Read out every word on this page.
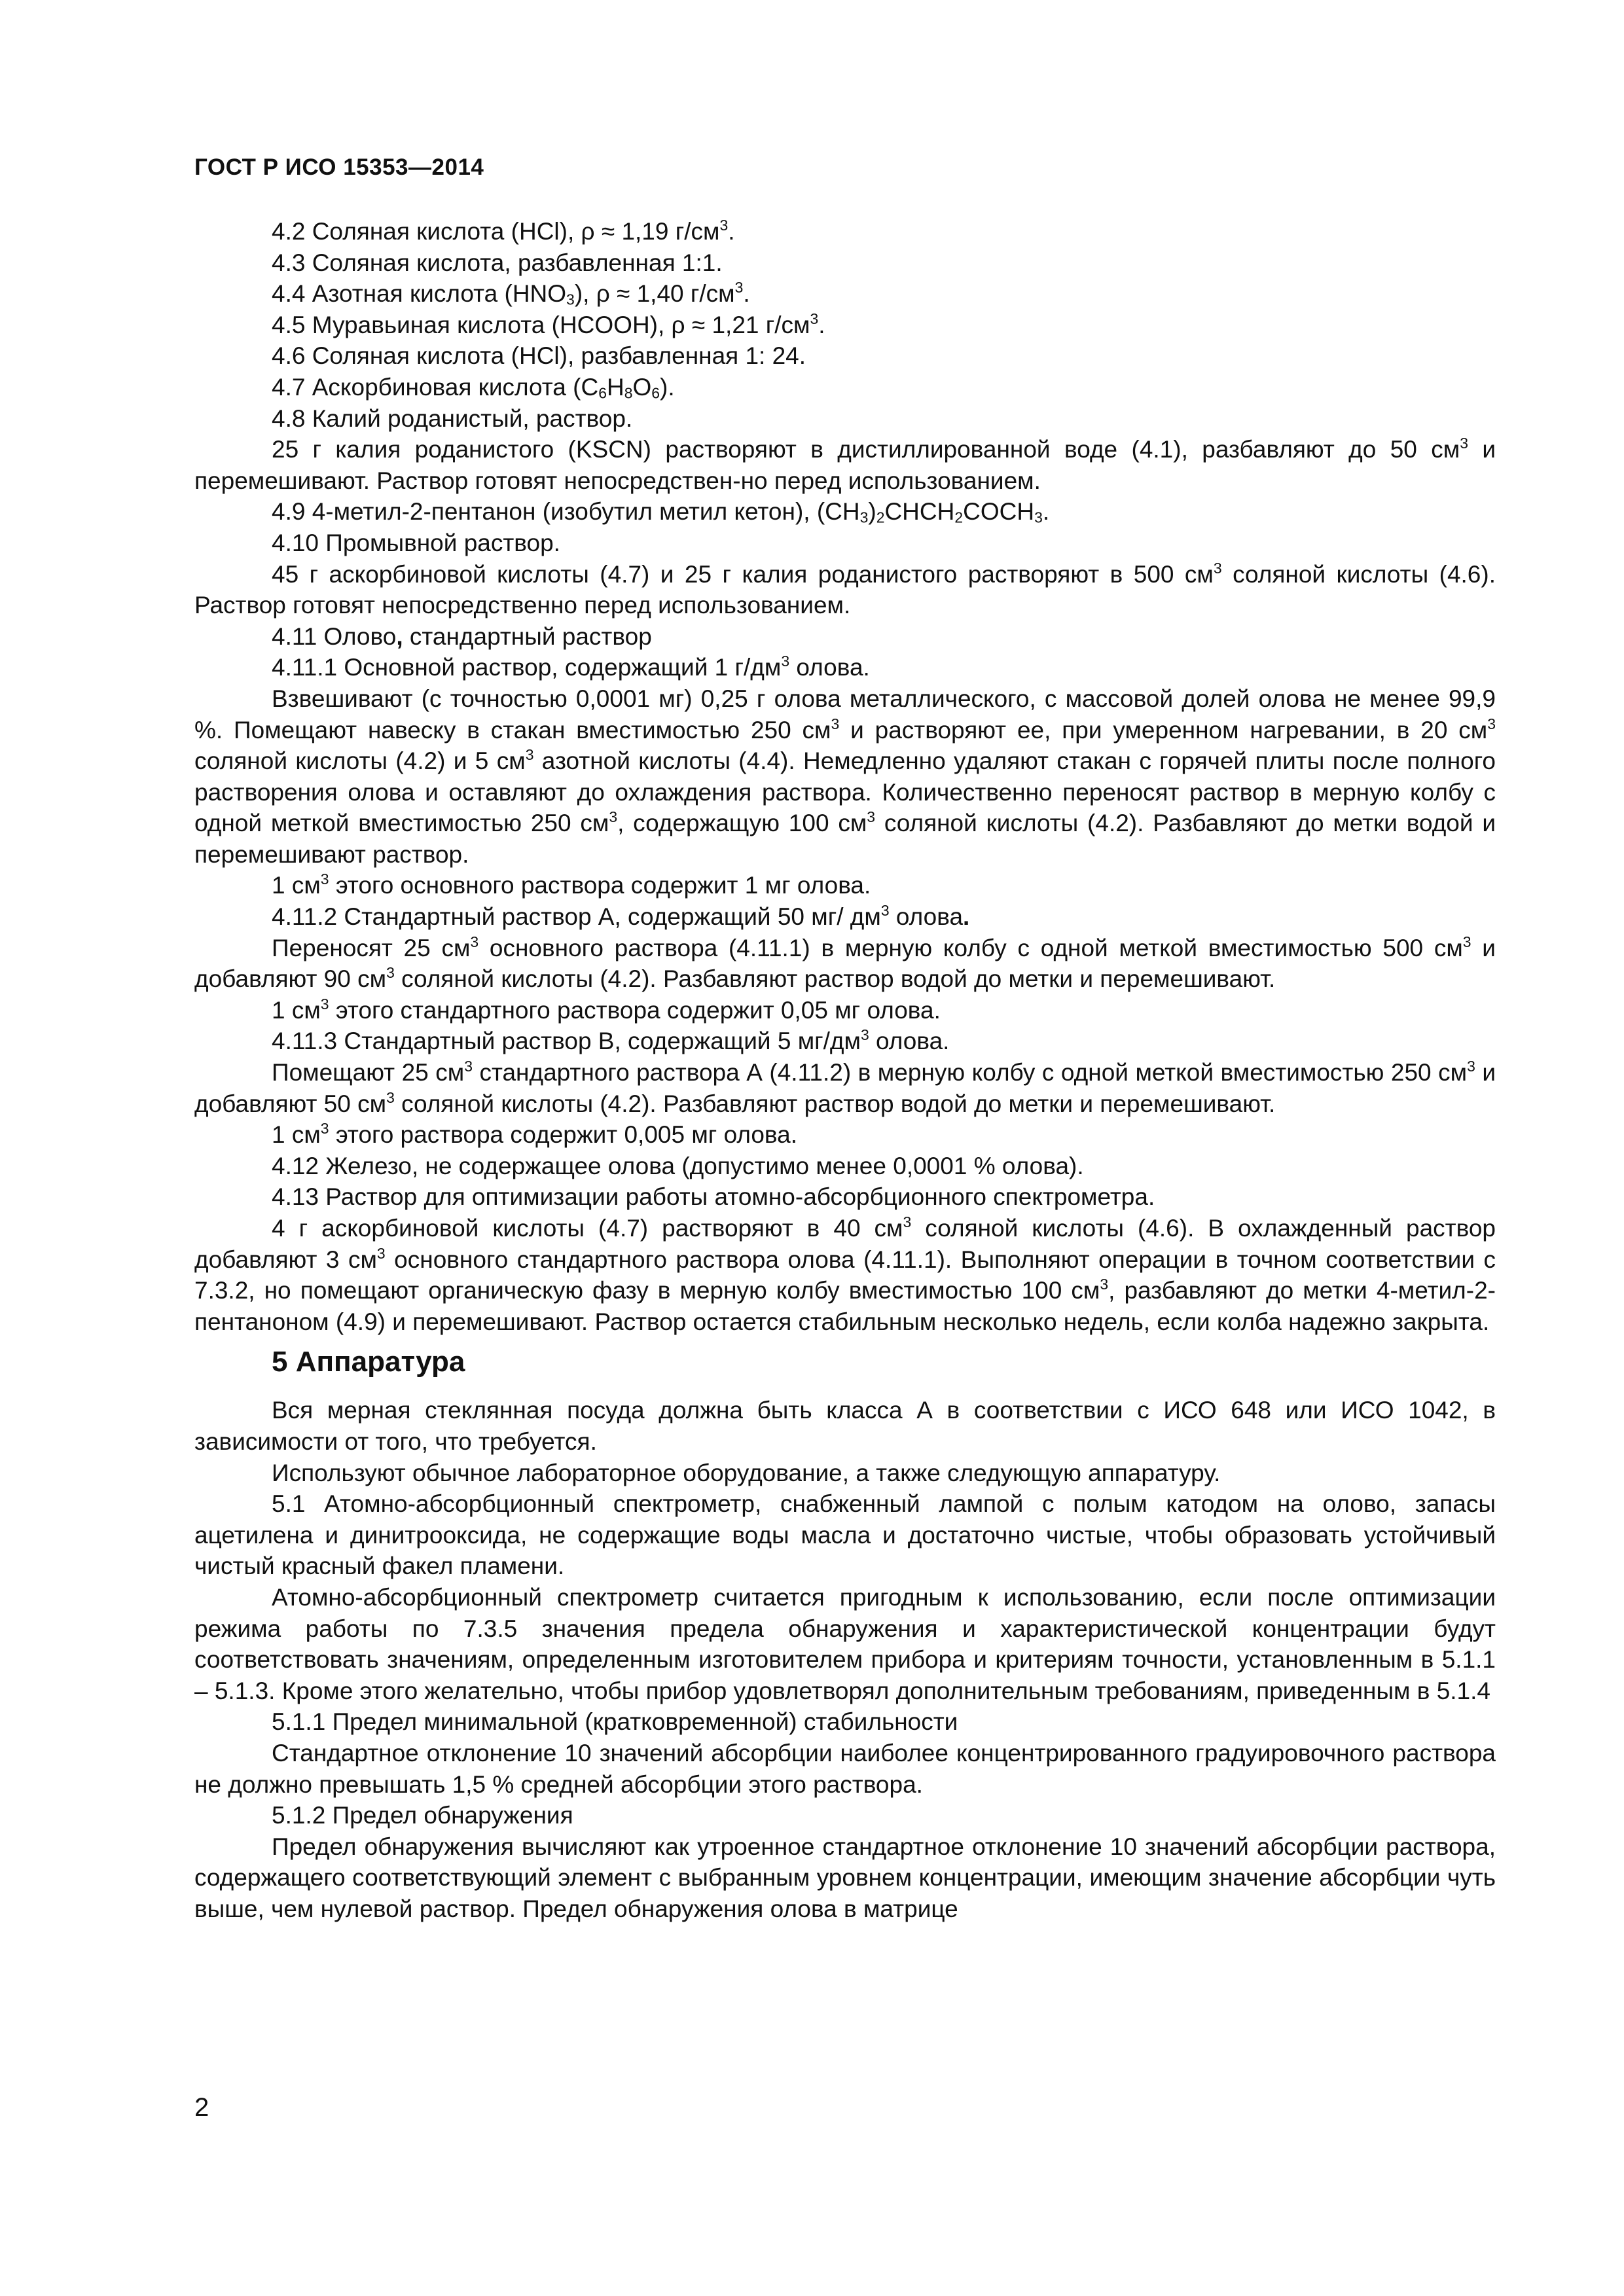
ГОСТ Р ИСО 15353—2014

4.2 Соляная кислота (HCl), ρ ≈ 1,19 $г/см^3$.

4.3 Соляная кислота, разбавленная 1:1.

4.4 Азотная кислота $(HNO_3)$, ρ ≈ 1,40 $г/см^3$.

4.5 Муравьиная кислота (HCOOH), ρ ≈ 1,21 $г/см^3$.

4.6 Соляная кислота (HCl), разбавленная 1: 24.

4.7 Аскорбиновая кислота $(C_6H_8O_6)$.

4.8 Калий роданистый, раствор.

25 г калия роданистого (KSCN) растворяют в дистиллированной воде (4.1), разбавляют до 50 $см^3$ и перемешивают. Раствор готовят непосредствен-но перед использованием.

4.9 4-метил-2-пентанон (изобутил метил кетон), $(CH_3)_2CHCH_2COCH_3$.

4.10 Промывной раствор.

45 г аскорбиновой кислоты (4.7) и 25 г калия роданистого растворяют в 500 $см^3$ соляной кислоты (4.6). Раствор готовят непосредственно перед использованием.

4.11 Олово, стандартный раствор

4.11.1 Основной раствор, содержащий 1 $г/дм^3$ олова.

Взвешивают (с точностью 0,0001 мг) 0,25 г олова металлического, с массовой долей олова не менее 99,9 %. Помещают навеску в стакан вместимостью 250 $см^3$ и растворяют ее, при умеренном нагревании, в 20 $см^3$ соляной кислоты (4.2) и 5 $см^3$ азотной кислоты (4.4). Немедленно удаляют стакан с горячей плиты после полного растворения олова и оставляют до охлаждения раствора. Количественно переносят раствор в мерную колбу с одной меткой вместимостью 250 $см^3$, содержащую 100 $см^3$ соляной кислоты (4.2). Разбавляют до метки водой и перемешивают раствор.

1 $см^3$ этого основного раствора содержит 1 мг олова.

4.11.2 Стандартный раствор А, содержащий 50 мг/ $дм^3$ олова.

Переносят 25 $см^3$ основного раствора (4.11.1) в мерную колбу с одной меткой вместимостью 500 $см^3$ и добавляют 90 $см^3$ соляной кислоты (4.2). Разбавляют раствор водой до метки и перемешивают.

1 $см^3$ этого стандартного раствора содержит 0,05 мг олова.

4.11.3 Стандартный раствор В, содержащий 5 $мг/дм^3$ олова.

Помещают 25 $см^3$ стандартного раствора А (4.11.2) в мерную колбу с одной меткой вместимостью 250 $см^3$ и добавляют 50 $см^3$ соляной кислоты (4.2). Разбавляют раствор водой до метки и перемешивают.

1 $см^3$ этого раствора содержит 0,005 мг олова.

4.12 Железо, не содержащее олова (допустимо менее 0,0001 % олова).

4.13 Раствор для оптимизации работы атомно-абсорбционного спектрометра.

4 г аскорбиновой кислоты (4.7) растворяют в 40 $см^3$ соляной кислоты (4.6). В охлажденный раствор добавляют 3 $см^3$ основного стандартного раствора олова (4.11.1). Выполняют операции в точном соответствии с 7.3.2, но помещают органическую фазу в мерную колбу вместимостью 100 $см^3$, разбавляют до метки 4-метил-2- пентаноном (4.9) и перемешивают. Раствор остается стабильным несколько недель, если колба надежно закрыта.

5 Аппаратура

Вся мерная стеклянная посуда должна быть класса А в соответствии с ИСО 648 или ИСО 1042, в зависимости от того, что требуется.

Используют обычное лабораторное оборудование, а также следующую аппаратуру.

5.1 Атомно-абсорбционный спектрометр, снабженный лампой с полым катодом на олово, запасы ацетилена и динитрооксида, не содержащие воды масла и достаточно чистые, чтобы образовать устойчивый чистый красный факел пламени.

Атомно-абсорбционный спектрометр считается пригодным к использованию, если после оптимизации режима работы по 7.3.5 значения предела обнаружения и характеристической концентрации будут соответствовать значениям, определенным изготовителем прибора и критериям точности, установленным в 5.1.1 – 5.1.3. Кроме этого желательно, чтобы прибор удовлетворял дополнительным требованиям, приведенным в 5.1.4

5.1.1 Предел минимальной (кратковременной) стабильности

Стандартное отклонение 10 значений абсорбции наиболее концентрированного градуировочного раствора не должно превышать 1,5 % средней абсорбции этого раствора.

5.1.2 Предел обнаружения

Предел обнаружения вычисляют как утроенное стандартное отклонение 10 значений абсорбции раствора, содержащего соответствующий элемент с выбранным уровнем концентрации, имеющим значение абсорбции чуть выше, чем нулевой раствор. Предел обнаружения олова в матрице

2
